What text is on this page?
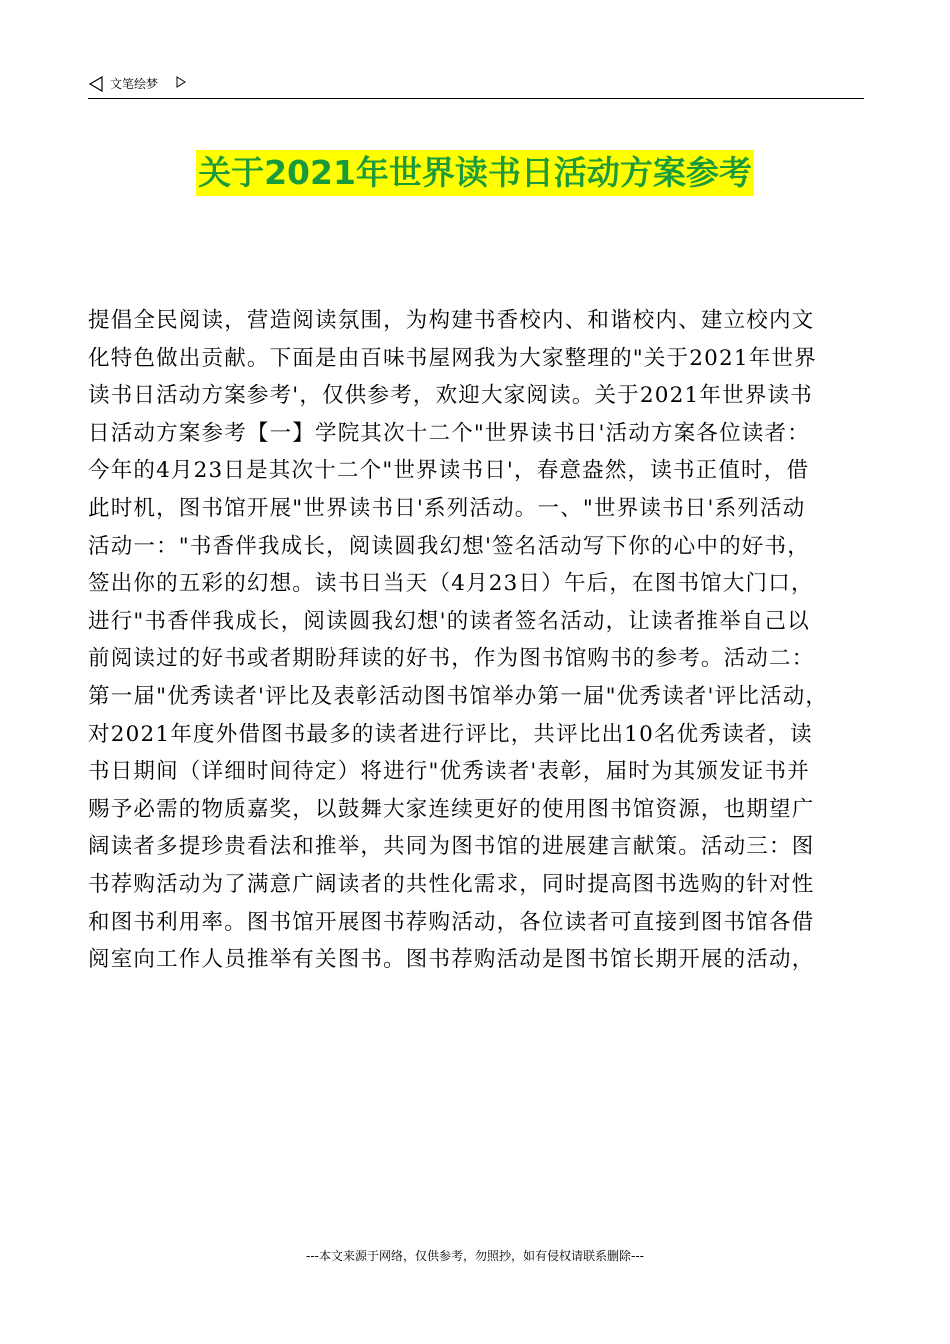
文笔绘梦
关于2021年世界读书日活动方案参考
提倡全民阅读，营造阅读氛围，为构建书香校内、和谐校内、建立校内文
化特色做出贡献。下面是由百味书屋网我为大家整理的"关于2021年世界
读书日活动方案参考'，仅供参考，欢迎大家阅读。关于2021年世界读书
日活动方案参考【一】学院其次十二个"世界读书日'活动方案各位读者：
今年的4月23日是其次十二个"世界读书日'，春意盎然，读书正值时，借
此时机，图书馆开展"世界读书日'系列活动。一、"世界读书日'系列活动
活动一："书香伴我成长，阅读圆我幻想'签名活动写下你的心中的好书，
签出你的五彩的幻想。读书日当天（4月23日）午后，在图书馆大门口，
进行"书香伴我成长，阅读圆我幻想'的读者签名活动，让读者推举自己以
前阅读过的好书或者期盼拜读的好书，作为图书馆购书的参考。活动二：
第一届"优秀读者'评比及表彰活动图书馆举办第一届"优秀读者'评比活动，
对2021年度外借图书最多的读者进行评比，共评比出10名优秀读者，读
书日期间（详细时间待定）将进行"优秀读者'表彰，届时为其颁发证书并
赐予必需的物质嘉奖，以鼓舞大家连续更好的使用图书馆资源，也期望广
阔读者多提珍贵看法和推举，共同为图书馆的进展建言献策。活动三：图
书荐购活动为了满意广阔读者的共性化需求，同时提高图书选购的针对性
和图书利用率。图书馆开展图书荐购活动，各位读者可直接到图书馆各借
阅室向工作人员推举有关图书。图书荐购活动是图书馆长期开展的活动，
---本文来源于网络，仅供参考，勿照抄，如有侵权请联系删除---
